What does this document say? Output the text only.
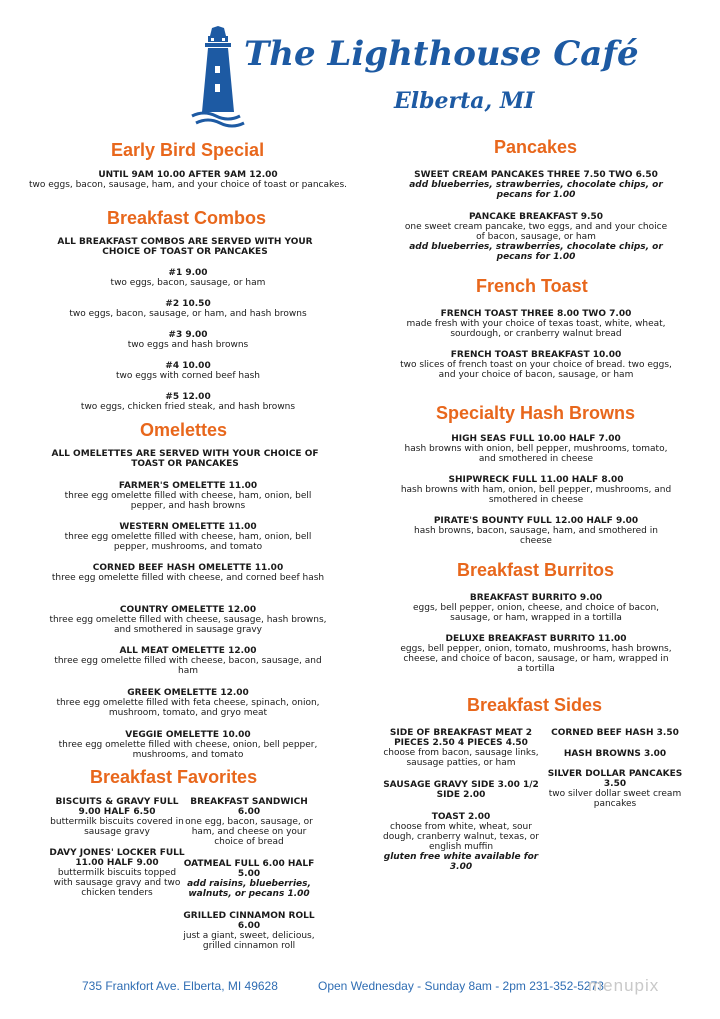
The Lighthouse Café
Elberta, MI
Early Bird Special
UNTIL 9AM 10.00 AFTER 9AM 12.00
two eggs, bacon, sausage, ham, and your choice of toast or pancakes.
Breakfast Combos
ALL BREAKFAST COMBOS ARE SERVED WITH YOUR CHOICE OF TOAST OR PANCAKES
#1 9.00
two eggs, bacon, sausage, or ham
#2 10.50
two eggs, bacon, sausage, or ham, and hash browns
#3 9.00
two eggs and hash browns
#4 10.00
two eggs with corned beef hash
#5 12.00
two eggs, chicken fried steak, and hash browns
Omelettes
ALL OMELETTES ARE SERVED WITH YOUR CHOICE OF TOAST OR PANCAKES
FARMER'S OMELETTE 11.00
three egg omelette filled with cheese, ham, onion, bell pepper, and hash browns
WESTERN OMELETTE 11.00
three egg omelette filled with cheese, ham, onion, bell pepper, mushrooms, and tomato
CORNED BEEF HASH OMELETTE 11.00
three egg omelette filled with cheese, and corned beef hash
COUNTRY OMELETTE 12.00
three egg omelette filled with cheese, sausage, hash browns, and smothered in sausage gravy
ALL MEAT OMELETTE 12.00
three egg omelette filled with cheese, bacon, sausage, and ham
GREEK OMELETTE 12.00
three egg omelette filled with feta cheese, spinach, onion, mushroom, tomato, and gryo meat
VEGGIE OMELETTE 10.00
three egg omelette filled with cheese, onion, bell pepper, mushrooms, and tomato
Breakfast Favorites
BISCUITS & GRAVY FULL 9.00 HALF 6.50
buttermilk biscuits covered in sausage gravy
DAVY JONES' LOCKER FULL 11.00 HALF 9.00
buttermilk biscuits topped with sausage gravy and two chicken tenders
BREAKFAST SANDWICH 6.00
one egg, bacon, sausage, or ham, and cheese on your choice of bread
OATMEAL FULL 6.00 HALF 5.00
add raisins, blueberries, walnuts, or pecans 1.00
GRILLED CINNAMON ROLL 6.00
just a giant, sweet, delicious, grilled cinnamon roll
Pancakes
SWEET CREAM PANCAKES THREE 7.50 TWO 6.50
add blueberries, strawberries, chocolate chips, or pecans for 1.00
PANCAKE BREAKFAST 9.50
one sweet cream pancake, two eggs, and and your choice of bacon, sausage, or ham
add blueberries, strawberries, chocolate chips, or pecans for 1.00
French Toast
FRENCH TOAST THREE 8.00 TWO 7.00
made fresh with your choice of texas toast, white, wheat, sourdough, or cranberry walnut bread
FRENCH TOAST BREAKFAST 10.00
two slices of french toast on your choice of bread. two eggs, and your choice of bacon, sausage, or ham
Specialty Hash Browns
HIGH SEAS FULL 10.00 HALF 7.00
hash browns with onion, bell pepper, mushrooms, tomato, and smothered in cheese
SHIPWRECK FULL 11.00 HALF 8.00
hash browns with ham, onion, bell pepper, mushrooms, and smothered in cheese
PIRATE'S BOUNTY FULL 12.00 HALF 9.00
hash browns, bacon, sausage, ham, and smothered in cheese
Breakfast Burritos
BREAKFAST BURRITO 9.00
eggs, bell pepper, onion, cheese, and choice of bacon, sausage, or ham, wrapped in a tortilla
DELUXE BREAKFAST BURRITO 11.00
eggs, bell pepper, onion, tomato, mushrooms, hash browns, cheese, and choice of bacon, sausage, or ham, wrapped in a tortilla
Breakfast Sides
SIDE OF BREAKFAST MEAT 2 PIECES 2.50 4 PIECES 4.50
choose from bacon, sausage links, sausage patties, or ham
SAUSAGE GRAVY SIDE 3.00 1/2 SIDE 2.00
TOAST 2.00
choose from white, wheat, sour dough, cranberry walnut, texas, or english muffin
gluten free white available for 3.00
CORNED BEEF HASH 3.50
HASH BROWNS 3.00
SILVER DOLLAR PANCAKES 3.50
two silver dollar sweet cream pancakes
735 Frankfort Ave. Elberta, MI 49628	Open Wednesday - Sunday 8am - 2pm 231-352-5273
menupix
